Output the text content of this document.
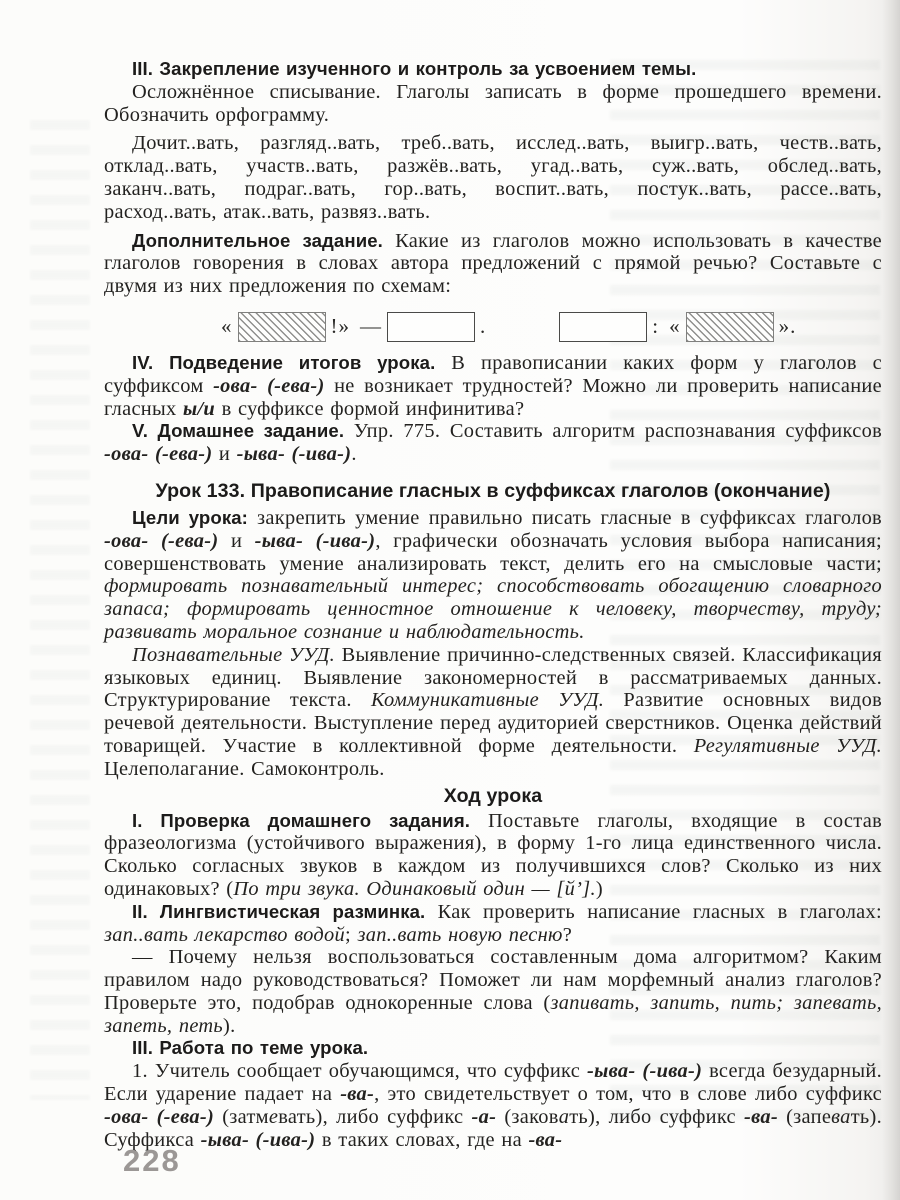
III. Закрепление изученного и контроль за усвоением темы.

Осложнённое списывание. Глаголы записать в форме прошедшего времени. Обозначить орфограмму.

Дочит..вать, разгляд..вать, треб..вать, исслед..вать, выигр..вать, честв..вать, отклад..вать, участв..вать, разжёв..вать, угад..вать, суж..вать, обслед..вать, заканч..вать, подраг..вать, гор..вать, воспит..вать, постук..вать, рассе..вать, расход..вать, атак..вать, развяз..вать.

Дополнительное задание. Какие из глаголов можно использовать в качестве глаголов говорения в словах автора предложений с прямой речью? Составьте с двумя из них предложения по схемам:

«	!» —	.	: «	».

IV. Подведение итогов урока. В правописании каких форм у глаголов с суффиксом -ова- (-ева-) не возникает трудностей? Можно ли проверить написание гласных ы/и в суффиксе формой инфинитива?

V. Домашнее задание. Упр. 775. Составить алгоритм распознавания суффиксов -ова- (-ева-) и -ыва- (-ива-).

Урок 133. Правописание гласных в суффиксах глаголов (окончание)

Цели урока: закрепить умение правильно писать гласные в суффиксах глаголов -ова- (-ева-) и -ыва- (-ива-), графически обозначать условия выбора написания; совершенствовать умение анализировать текст, делить его на смысловые части; формировать познавательный интерес; способствовать обогащению словарного запаса; формировать ценностное отношение к человеку, творчеству, труду; развивать моральное сознание и наблюдательность.

Познавательные УУД. Выявление причинно-следственных связей. Классификация языковых единиц. Выявление закономерностей в рассматриваемых данных. Структурирование текста. Коммуникативные УУД. Развитие основных видов речевой деятельности. Выступление перед аудиторией сверстников. Оценка действий товарищей. Участие в коллективной форме деятельности. Регулятивные УУД. Целеполагание. Самоконтроль.

Ход урока

I. Проверка домашнего задания. Поставьте глаголы, входящие в состав фразеологизма (устойчивого выражения), в форму 1-го лица единственного числа. Сколько согласных звуков в каждом из получившихся слов? Сколько из них одинаковых? (По три звука. Одинаковый один — [й’].)

II. Лингвистическая разминка. Как проверить написание гласных в глаголах: зап..вать лекарство водой; зап..вать новую песню?

— Почему нельзя воспользоваться составленным дома алгоритмом? Каким правилом надо руководствоваться? Поможет ли нам морфемный анализ глаголов? Проверьте это, подобрав однокоренные слова (запивать, запить, пить; запевать, запеть, петь).

III. Работа по теме урока.

1. Учитель сообщает обучающимся, что суффикс -ыва- (-ива-) всегда безударный. Если ударение падает на -ва-, это свидетельствует о том, что в слове либо суффикс -ова- (-ева-) (затмевать), либо суффикс -а- (заковать), либо суффикс -ва- (запевать). Суффикса -ыва- (-ива-) в таких словах, где на -ва-

228
